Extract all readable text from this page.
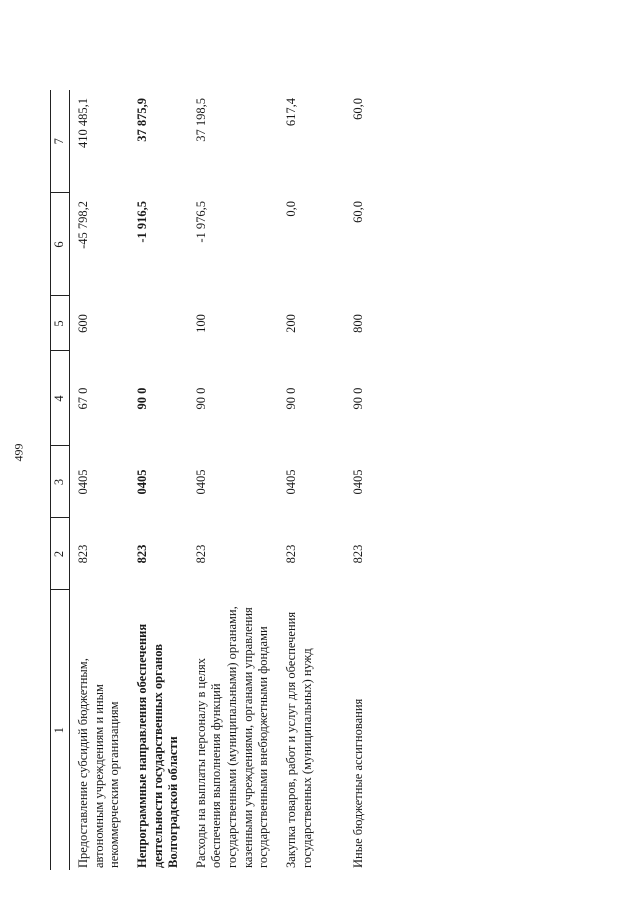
499
1	2	3	4	5	6	7
Предоставление субсидий бюджетным, автономным учреждениям и иным некоммерческим организациям	823	0405	67 0	600	-45 798,2	410 485,1
Непрограммные направления обеспечения деятельности государственных органов Волгоградской области	823	0405	90 0		-1 916,5	37 875,9
Расходы на выплаты персоналу в целях обеспечения выполнения функций государственными (муниципальными) органами, казенными учреждениями, органами управления государственными внебюджетными фондами	823	0405	90 0	100	-1 976,5	37 198,5
Закупка товаров, работ и услуг для обеспечения государственных (муниципальных) нужд	823	0405	90 0	200	0,0	617,4
Иные бюджетные ассигнования	823	0405	90 0	800	60,0	60,0
